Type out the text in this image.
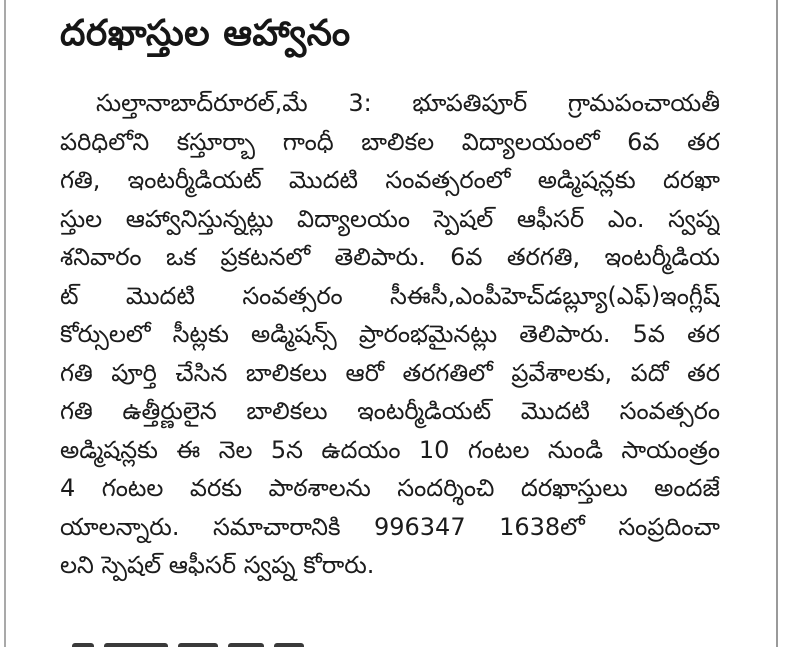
దరఖాస్తుల ఆహ్వానం
సుల్తానాబాద్‌రూరల్,మే 3: భూపతిపూర్ గ్రామపంచాయతీ
పరిధిలోని కస్తూర్బా గాంధీ బాలికల విద్యాలయంలో 6వ తర
గతి, ఇంటర్మీడియట్ మొదటి సంవత్సరంలో అడ్మిషన్లకు దరఖా
స్తుల ఆహ్వానిస్తున్నట్లు విద్యాలయం స్పెషల్ ఆఫీసర్ ఎం. స్వప్న
శనివారం ఒక ప్రకటనలో తెలిపారు. 6వ తరగతి, ఇంటర్మీడియ
ట్ మొదటి సంవత్సరం సీఈసీ,ఎంపీహెచ్‌డబ్ల్యూ(ఎఫ్)ఇంగ్లీష్
కోర్సులలో సీట్లకు అడ్మిషన్స్ ప్రారంభమైనట్లు తెలిపారు. 5వ తర
గతి పూర్తి చేసిన బాలికలు ఆరో తరగతిలో ప్రవేశాలకు, పదో తర
గతి ఉత్తీర్ణులైన బాలికలు ఇంటర్మీడియట్ మొదటి సంవత్సరం
అడ్మిషన్లకు ఈ నెల 5న ఉదయం 10 గంటల నుండి సాయంత్రం
4 గంటల వరకు పాఠశాలను సందర్శించి దరఖాస్తులు అందజే
యాలన్నారు. సమాచారానికి 996347 1638లో సంప్రదించా
లని స్పెషల్ ఆఫీసర్ స్వప్న కోరారు.
